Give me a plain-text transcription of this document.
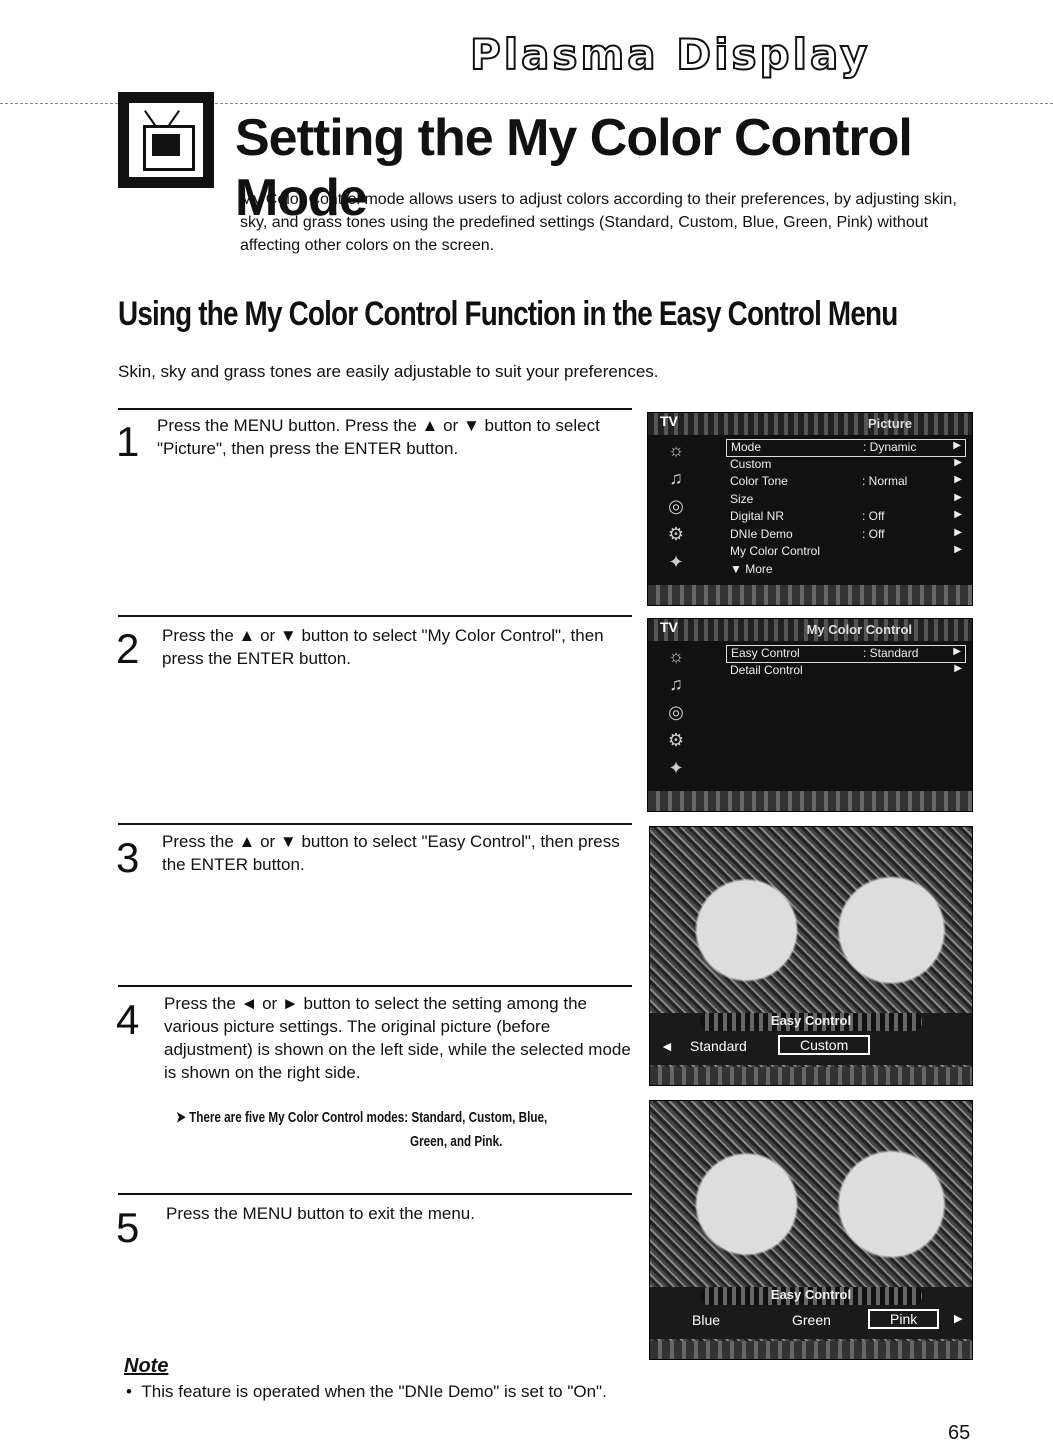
Plasma Display
Setting the My Color Control Mode
My Color Control mode allows users to adjust colors according to their preferences, by adjusting skin, sky, and grass tones using the predefined settings (Standard, Custom, Blue, Green, Pink) without affecting other colors on the screen.
Using the My Color Control Function in the Easy Control Menu
Skin, sky and grass tones are easily adjustable to suit your preferences.
1 Press the MENU button. Press the ▲ or ▼ button to select "Picture", then press the ENTER button.
2 Press the ▲ or ▼ button to select "My Color Control", then press the ENTER button.
3 Press the ▲ or ▼ button to select "Easy Control", then press the ENTER button.
4 Press the ◄ or ► button to select the setting among the various picture settings. The original picture (before adjustment) is shown on the left side, while the selected mode is shown on the right side.
➤ There are five My Color Control modes: Standard, Custom, Blue,
Green, and Pink.
5 Press the MENU button to exit the menu.
Picture
TV
☼
♫
◎
⚙
✦
Mode	: Dynamic	▶
Custom	▶
Color Tone	: Normal	▶
Size	▶
Digital NR	: Off	▶
DNIe Demo	: Off	▶
My Color Control	▶
▼ More
My Color Control
TV
☼
♫
◎
⚙
✦
Easy Control	: Standard	▶
Detail Control	▶
Easy Control
◄ Standard	Custom
Easy Control
Blue	Green	Pink	▶
Note
•  This feature is operated when the "DNIe Demo" is set to "On".
65
